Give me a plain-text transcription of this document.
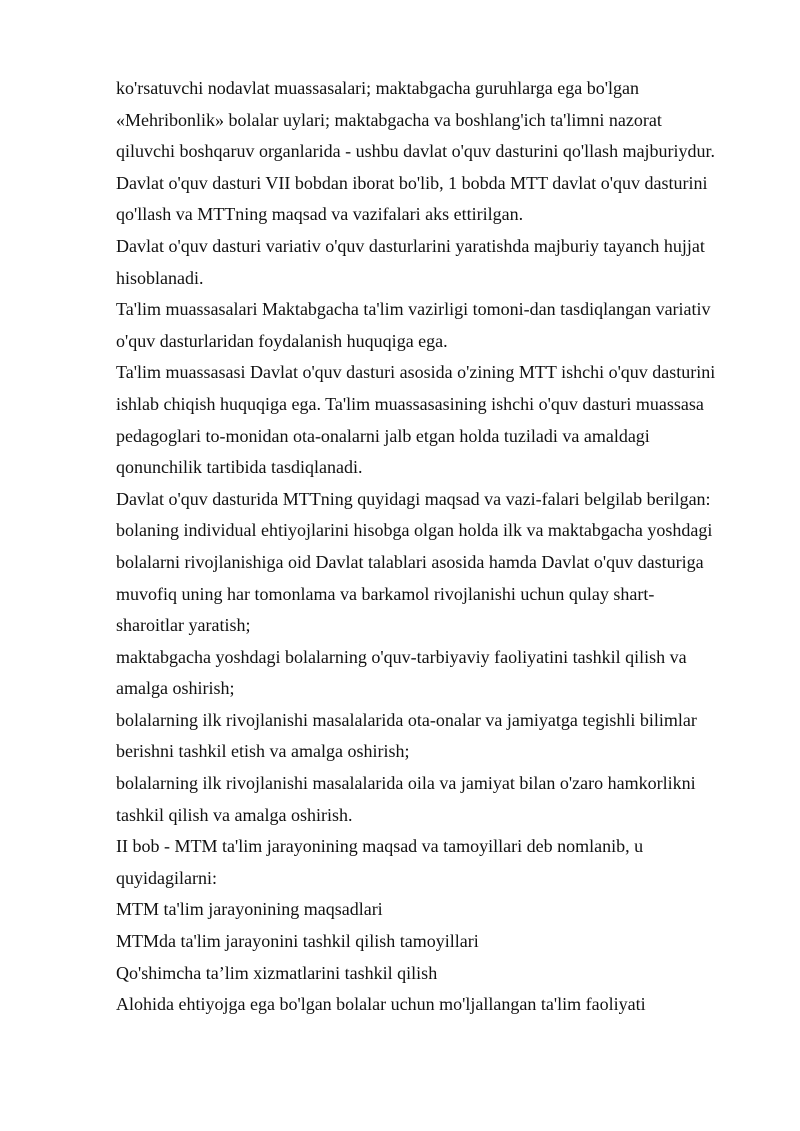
ko'rsatuvchi nodavlat muassasalari; maktabgacha guruhlarga ega bo'lgan
«Mehribonlik» bolalar uylari; maktabgacha va boshlang'ich ta'limni nazorat
qiluvchi boshqaruv organlarida - ushbu davlat o'quv dasturini qo'llash majburiydur.
Davlat o'quv dasturi VII bobdan iborat bo'lib, 1 bobda MTT davlat o'quv dasturini
qo'llash va MTTning maqsad va vazifalari aks ettirilgan.
Davlat o'quv dasturi variativ o'quv dasturlarini yaratishda majburiy tayanch hujjat
hisoblanadi.
Ta'lim muassasalari Maktabgacha ta'lim vazirligi tomoni-dan tasdiqlangan variativ
o'quv dasturlaridan foydalanish huquqiga ega.
Ta'lim muassasasi Davlat o'quv dasturi asosida o'zining MTT ishchi o'quv dasturini
ishlab chiqish huquqiga ega. Ta'lim muassasasining ishchi o'quv dasturi muassasa
pedagoglari to-monidan ota-onalarni jalb etgan holda tuziladi va amaldagi
qonunchilik tartibida tasdiqlanadi.
Davlat o'quv dasturida MTTning quyidagi maqsad va vazi-falari belgilab berilgan:
bolaning individual ehtiyojlarini hisobga olgan holda ilk va maktabgacha yoshdagi
bolalarni rivojlanishiga oid Davlat talablari asosida hamda Davlat o'quv dasturiga
muvofiq uning har tomonlama va barkamol rivojlanishi uchun qulay shart-
sharoitlar yaratish;
maktabgacha yoshdagi bolalarning o'quv-tarbiyaviy faoliyatini tashkil qilish va
amalga oshirish;
bolalarning ilk rivojlanishi masalalarida ota-onalar va jamiyatga tegishli bilimlar
berishni tashkil etish va amalga oshirish;
bolalarning ilk rivojlanishi masalalarida oila va jamiyat bilan o'zaro hamkorlikni
tashkil qilish va amalga oshirish.
II bob - MTM ta'lim jarayonining maqsad va tamoyillari deb nomlanib, u
quyidagilarni:
MTM ta'lim jarayonining maqsadlari
MTMda ta'lim jarayonini tashkil qilish tamoyillari
Qo'shimcha ta’lim xizmatlarini tashkil qilish
Alohida ehtiyojga ega bo'lgan bolalar uchun mo'ljallangan ta'lim faoliyati
